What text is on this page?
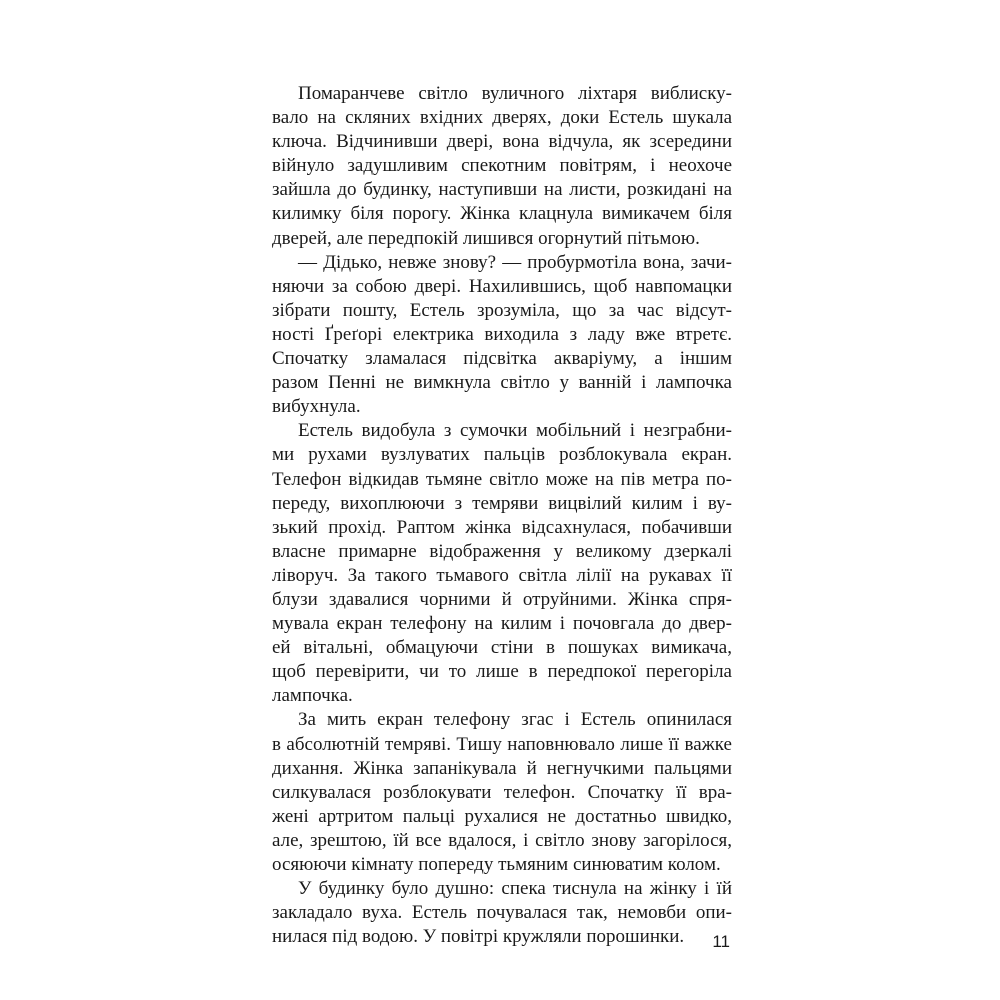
Помаранчеве світло вуличного ліхтаря виблиску-
вало на скляних вхідних дверях, доки Естель шукала
ключа. Відчинивши двері, вона відчула, як зсередини
війнуло задушливим спекотним повітрям, і неохоче
зайшла до будинку, наступивши на листи, розкидані на
килимку біля порогу. Жінка клацнула вимикачем біля
дверей, але передпокій лишився огорнутий пітьмою.
— Дідько, невже знову? — пробурмотіла вона, зачи-
няючи за собою двері. Нахилившись, щоб навпомацки
зібрати пошту, Естель зрозуміла, що за час відсут-
ності Ґреґорі електрика виходила з ладу вже втретє.
Спочатку зламалася підсвітка акваріуму, а іншим
разом Пенні не вимкнула світло у ванній і лампочка
вибухнула.
Естель видобула з сумочки мобільний і незграбни-
ми рухами вузлуватих пальців розблокувала екран.
Телефон відкидав тьмяне світло може на пів метра по-
переду, вихоплюючи з темряви вицвілий килим і ву-
зький прохід. Раптом жінка відсахнулася, побачивши
власне примарне відображення у великому дзеркалі
ліворуч. За такого тьмавого світла лілії на рукавах її
блузи здавалися чорними й отруйними. Жінка спря-
мувала екран телефону на килим і почовгала до двер-
ей вітальні, обмацуючи стіни в пошуках вимикача,
щоб перевірити, чи то лише в передпокої перегоріла
лампочка.
За мить екран телефону згас і Естель опинилася
в абсолютній темряві. Тишу наповнювало лише її важке
дихання. Жінка запанікувала й негнучкими пальцями
силкувалася розблокувати телефон. Спочатку її вра-
жені артритом пальці рухалися не достатньо швидко,
але, зрештою, їй все вдалося, і світло знову загорілося,
осяюючи кімнату попереду тьмяним синюватим колом.
У будинку було душно: спека тиснула на жінку і їй
закладало вуха. Естель почувалася так, немовби опи-
нилася під водою. У повітрі кружляли порошинки.	11
